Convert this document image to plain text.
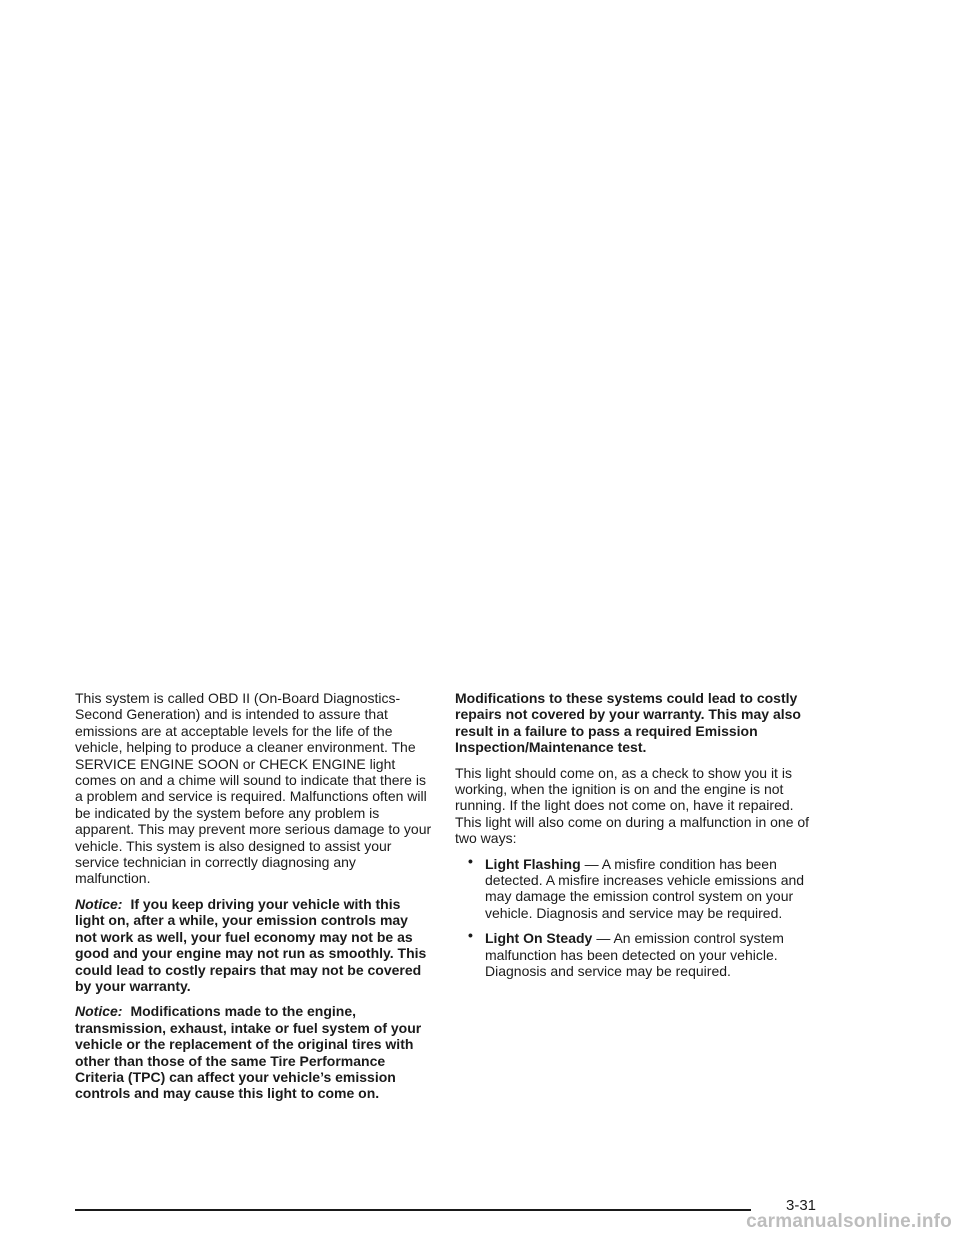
This system is called OBD II (On-Board Diagnostics-Second Generation) and is intended to assure that emissions are at acceptable levels for the life of the vehicle, helping to produce a cleaner environment. The SERVICE ENGINE SOON or CHECK ENGINE light comes on and a chime will sound to indicate that there is a problem and service is required. Malfunctions often will be indicated by the system before any problem is apparent. This may prevent more serious damage to your vehicle. This system is also designed to assist your service technician in correctly diagnosing any malfunction.

Notice: If you keep driving your vehicle with this light on, after a while, your emission controls may not work as well, your fuel economy may not be as good and your engine may not run as smoothly. This could lead to costly repairs that may not be covered by your warranty.

Notice: Modifications made to the engine, transmission, exhaust, intake or fuel system of your vehicle or the replacement of the original tires with other than those of the same Tire Performance Criteria (TPC) can affect your vehicle’s emission controls and may cause this light to come on.

Modifications to these systems could lead to costly repairs not covered by your warranty. This may also result in a failure to pass a required Emission Inspection/Maintenance test.

This light should come on, as a check to show you it is working, when the ignition is on and the engine is not running. If the light does not come on, have it repaired. This light will also come on during a malfunction in one of two ways:

• Light Flashing — A misfire condition has been detected. A misfire increases vehicle emissions and may damage the emission control system on your vehicle. Diagnosis and service may be required.
• Light On Steady — An emission control system malfunction has been detected on your vehicle. Diagnosis and service may be required.
3-31
carmanualsonline.info
